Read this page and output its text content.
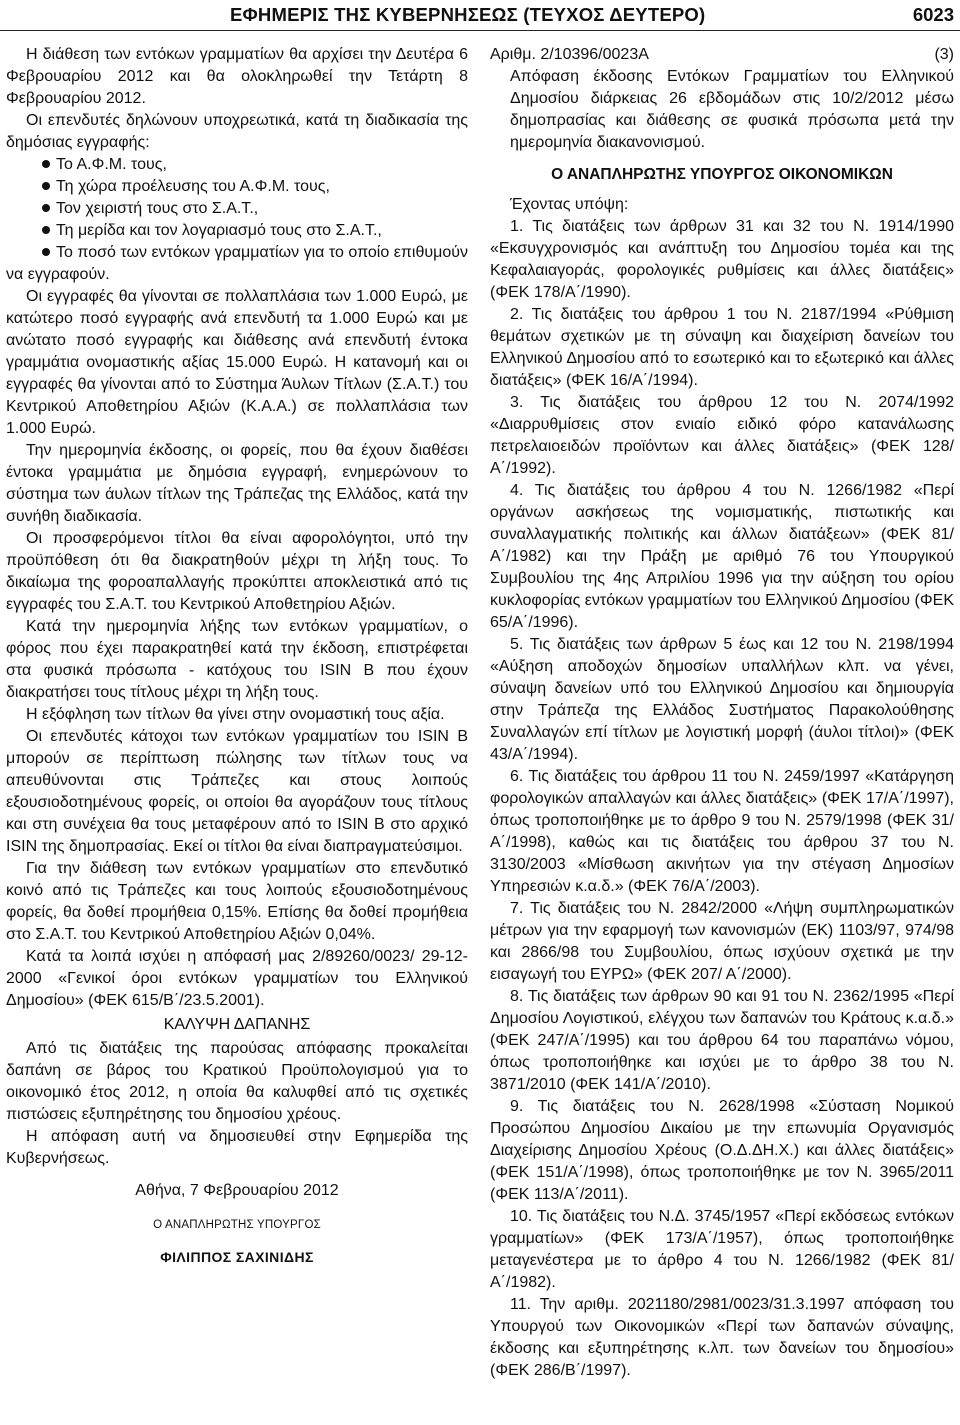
ΕΦΗΜΕΡΙΣ ΤΗΣ ΚΥΒΕΡΝΗΣΕΩΣ (ΤΕΥΧΟΣ ΔΕΥΤΕΡΟ)	6023

Η διάθεση των εντόκων γραμματίων θα αρχίσει την Δευτέρα 6 Φεβρουαρίου 2012 και θα ολοκληρωθεί την Τετάρτη 8 Φεβρουαρίου 2012.

Οι επενδυτές δηλώνουν υποχρεωτικά, κατά τη διαδικασία της δημόσιας εγγραφής:

Το Α.Φ.Μ. τους,

Τη χώρα προέλευσης του Α.Φ.Μ. τους,

Τον χειριστή τους στο Σ.Α.Τ.,

Τη μερίδα και τον λογαριασμό τους στο Σ.Α.Τ.,

Το ποσό των εντόκων γραμματίων για το οποίο επιθυμούν να εγγραφούν.

Οι εγγραφές θα γίνονται σε πολλαπλάσια των 1.000 Ευρώ, με κατώτερο ποσό εγγραφής ανά επενδυτή τα 1.000 Ευρώ και με ανώτατο ποσό εγγραφής και διάθεσης ανά επενδυτή έντοκα γραμμάτια ονομαστικής αξίας 15.000 Ευρώ. Η κατανομή και οι εγγραφές θα γίνονται από το Σύστημα Άυλων Τίτλων (Σ.Α.Τ.) του Κεντρικού Αποθετηρίου Αξιών (Κ.Α.Α.) σε πολλαπλάσια των 1.000 Ευρώ.

Την ημερομηνία έκδοσης, οι φορείς, που θα έχουν διαθέσει έντοκα γραμμάτια με δημόσια εγγραφή, ενημερώνουν το σύστημα των άυλων τίτλων της Τράπεζας της Ελλάδος, κατά την συνήθη διαδικασία.

Οι προσφερόμενοι τίτλοι θα είναι αφορολόγητοι, υπό την προϋπόθεση ότι θα διακρατηθούν μέχρι τη λήξη τους. Το δικαίωμα της φοροαπαλλαγής προκύπτει αποκλειστικά από τις εγγραφές του Σ.Α.Τ. του Κεντρικού Αποθετηρίου Αξιών.

Κατά την ημερομηνία λήξης των εντόκων γραμματίων, ο φόρος που έχει παρακρατηθεί κατά την έκδοση, επιστρέφεται στα φυσικά πρόσωπα - κατόχους του ISIN Β που έχουν διακρατήσει τους τίτλους μέχρι τη λήξη τους.

Η εξόφληση των τίτλων θα γίνει στην ονομαστική τους αξία.

Οι επενδυτές κάτοχοι των εντόκων γραμματίων του ISIN Β μπορούν σε περίπτωση πώλησης των τίτλων τους να απευθύνονται στις Τράπεζες και στους λοιπούς εξουσιοδοτημένους φορείς, οι οποίοι θα αγοράζουν τους τίτλους και στη συνέχεια θα τους μεταφέρουν από το ISIN Β στο αρχικό ISIN της δημοπρασίας. Εκεί οι τίτλοι θα είναι διαπραγματεύσιμοι.

Για την διάθεση των εντόκων γραμματίων στο επενδυτικό κοινό από τις Τράπεζες και τους λοιπούς εξουσιοδοτημένους φορείς, θα δοθεί προμήθεια 0,15%. Επίσης θα δοθεί προμήθεια στο Σ.Α.Τ. του Κεντρικού Αποθετηρίου Αξιών 0,04%.

Κατά τα λοιπά ισχύει η απόφασή μας 2/89260/0023/ 29-12-2000 «Γενικοί όροι εντόκων γραμματίων του Ελληνικού Δημοσίου» (ΦΕΚ 615/Β΄/23.5.2001).

ΚΑΛΥΨΗ ΔΑΠΑΝΗΣ

Από τις διατάξεις της παρούσας απόφασης προκαλείται δαπάνη σε βάρος του Κρατικού Προϋπολογισμού για το οικονομικό έτος 2012, η οποία θα καλυφθεί από τις σχετικές πιστώσεις εξυπηρέτησης του δημοσίου χρέους.

Η απόφαση αυτή να δημοσιευθεί στην Εφημερίδα της Κυβερνήσεως.

Αθήνα, 7 Φεβρουαρίου 2012

Ο ΑΝΑΠΛΗΡΩΤΗΣ ΥΠΟΥΡΓΟΣ

ΦΙΛΙΠΠΟΣ ΣΑΧΙΝΙΔΗΣ

Αριθμ. 2/10396/0023Α	(3)

Απόφαση έκδοσης Εντόκων Γραμματίων του Ελληνικού Δημοσίου διάρκειας 26 εβδομάδων στις 10/2/2012 μέσω δημοπρασίας και διάθεσης σε φυσικά πρόσωπα μετά την ημερομηνία διακανονισμού.

Ο ΑΝΑΠΛΗΡΩΤΗΣ ΥΠΟΥΡΓΟΣ ΟΙΚΟΝΟΜΙΚΩΝ

Έχοντας υπόψη:

1. Τις διατάξεις των άρθρων 31 και 32 του Ν. 1914/1990 «Εκσυγχρονισμός και ανάπτυξη του Δημοσίου τομέα και της Κεφαλαιαγοράς, φορολογικές ρυθμίσεις και άλλες διατάξεις» (ΦΕΚ 178/Α΄/1990).

2. Τις διατάξεις του άρθρου 1 του Ν. 2187/1994 «Ρύθμιση θεμάτων σχετικών με τη σύναψη και διαχείριση δανείων του Ελληνικού Δημοσίου από το εσωτερικό και το εξωτερικό και άλλες διατάξεις» (ΦΕΚ 16/Α΄/1994).

3. Τις διατάξεις του άρθρου 12 του Ν. 2074/1992 «Διαρρυθμίσεις στον ενιαίο ειδικό φόρο κατανάλωσης πετρελαιοειδών προϊόντων και άλλες διατάξεις» (ΦΕΚ 128/Α΄/1992).

4. Τις διατάξεις του άρθρου 4 του Ν. 1266/1982 «Περί οργάνων ασκήσεως της νομισματικής, πιστωτικής και συναλλαγματικής πολιτικής και άλλων διατάξεων» (ΦΕΚ 81/Α΄/1982) και την Πράξη με αριθμό 76 του Υπουργικού Συμβουλίου της 4ης Απριλίου 1996 για την αύξηση του ορίου κυκλοφορίας εντόκων γραμματίων του Ελληνικού Δημοσίου (ΦΕΚ 65/Α΄/1996).

5. Τις διατάξεις των άρθρων 5 έως και 12 του Ν. 2198/1994 «Αύξηση αποδοχών δημοσίων υπαλλήλων κλπ. να γένει, σύναψη δανείων υπό του Ελληνικού Δημοσίου και δημιουργία στην Τράπεζα της Ελλάδος Συστήματος Παρακολούθησης Συναλλαγών επί τίτλων με λογιστική μορφή (άυλοι τίτλοι)» (ΦΕΚ 43/Α΄/1994).

6. Τις διατάξεις του άρθρου 11 του Ν. 2459/1997 «Κατάργηση φορολογικών απαλλαγών και άλλες διατάξεις» (ΦΕΚ 17/Α΄/1997), όπως τροποποιήθηκε με το άρθρο 9 του Ν. 2579/1998 (ΦΕΚ 31/Α΄/1998), καθώς και τις διατάξεις του άρθρου 37 του Ν. 3130/2003 «Μίσθωση ακινήτων για την στέγαση Δημοσίων Υπηρεσιών κ.α.δ.» (ΦΕΚ 76/Α΄/2003).

7. Τις διατάξεις του Ν. 2842/2000 «Λήψη συμπληρωματικών μέτρων για την εφαρμογή των κανονισμών (ΕΚ) 1103/97, 974/98 και 2866/98 του Συμβουλίου, όπως ισχύουν σχετικά με την εισαγωγή του ΕΥΡΩ» (ΦΕΚ 207/ Α΄/2000).

8. Τις διατάξεις των άρθρων 90 και 91 του Ν. 2362/1995 «Περί Δημοσίου Λογιστικού, ελέγχου των δαπανών του Κράτους κ.α.δ.» (ΦΕΚ 247/Α΄/1995) και του άρθρου 64 του παραπάνω νόμου, όπως τροποποιήθηκε και ισχύει με το άρθρο 38 του Ν. 3871/2010 (ΦΕΚ 141/Α΄/2010).

9. Τις διατάξεις του Ν. 2628/1998 «Σύσταση Νομικού Προσώπου Δημοσίου Δικαίου με την επωνυμία Οργανισμός Διαχείρισης Δημοσίου Χρέους (Ο.Δ.ΔΗ.Χ.) και άλλες διατάξεις» (ΦΕΚ 151/Α΄/1998), όπως τροποποιήθηκε με τον Ν. 3965/2011 (ΦΕΚ 113/Α΄/2011).

10. Τις διατάξεις του Ν.Δ. 3745/1957 «Περί εκδόσεως εντόκων γραμματίων» (ΦΕΚ 173/Α΄/1957), όπως τροποποιήθηκε μεταγενέστερα με το άρθρο 4 του Ν. 1266/1982 (ΦΕΚ 81/Α΄/1982).

11. Την αριθμ. 2021180/2981/0023/31.3.1997 απόφαση του Υπουργού των Οικονομικών «Περί των δαπανών σύναψης, έκδοσης και εξυπηρέτησης κ.λπ. των δανείων του δημοσίου» (ΦΕΚ 286/Β΄/1997).
